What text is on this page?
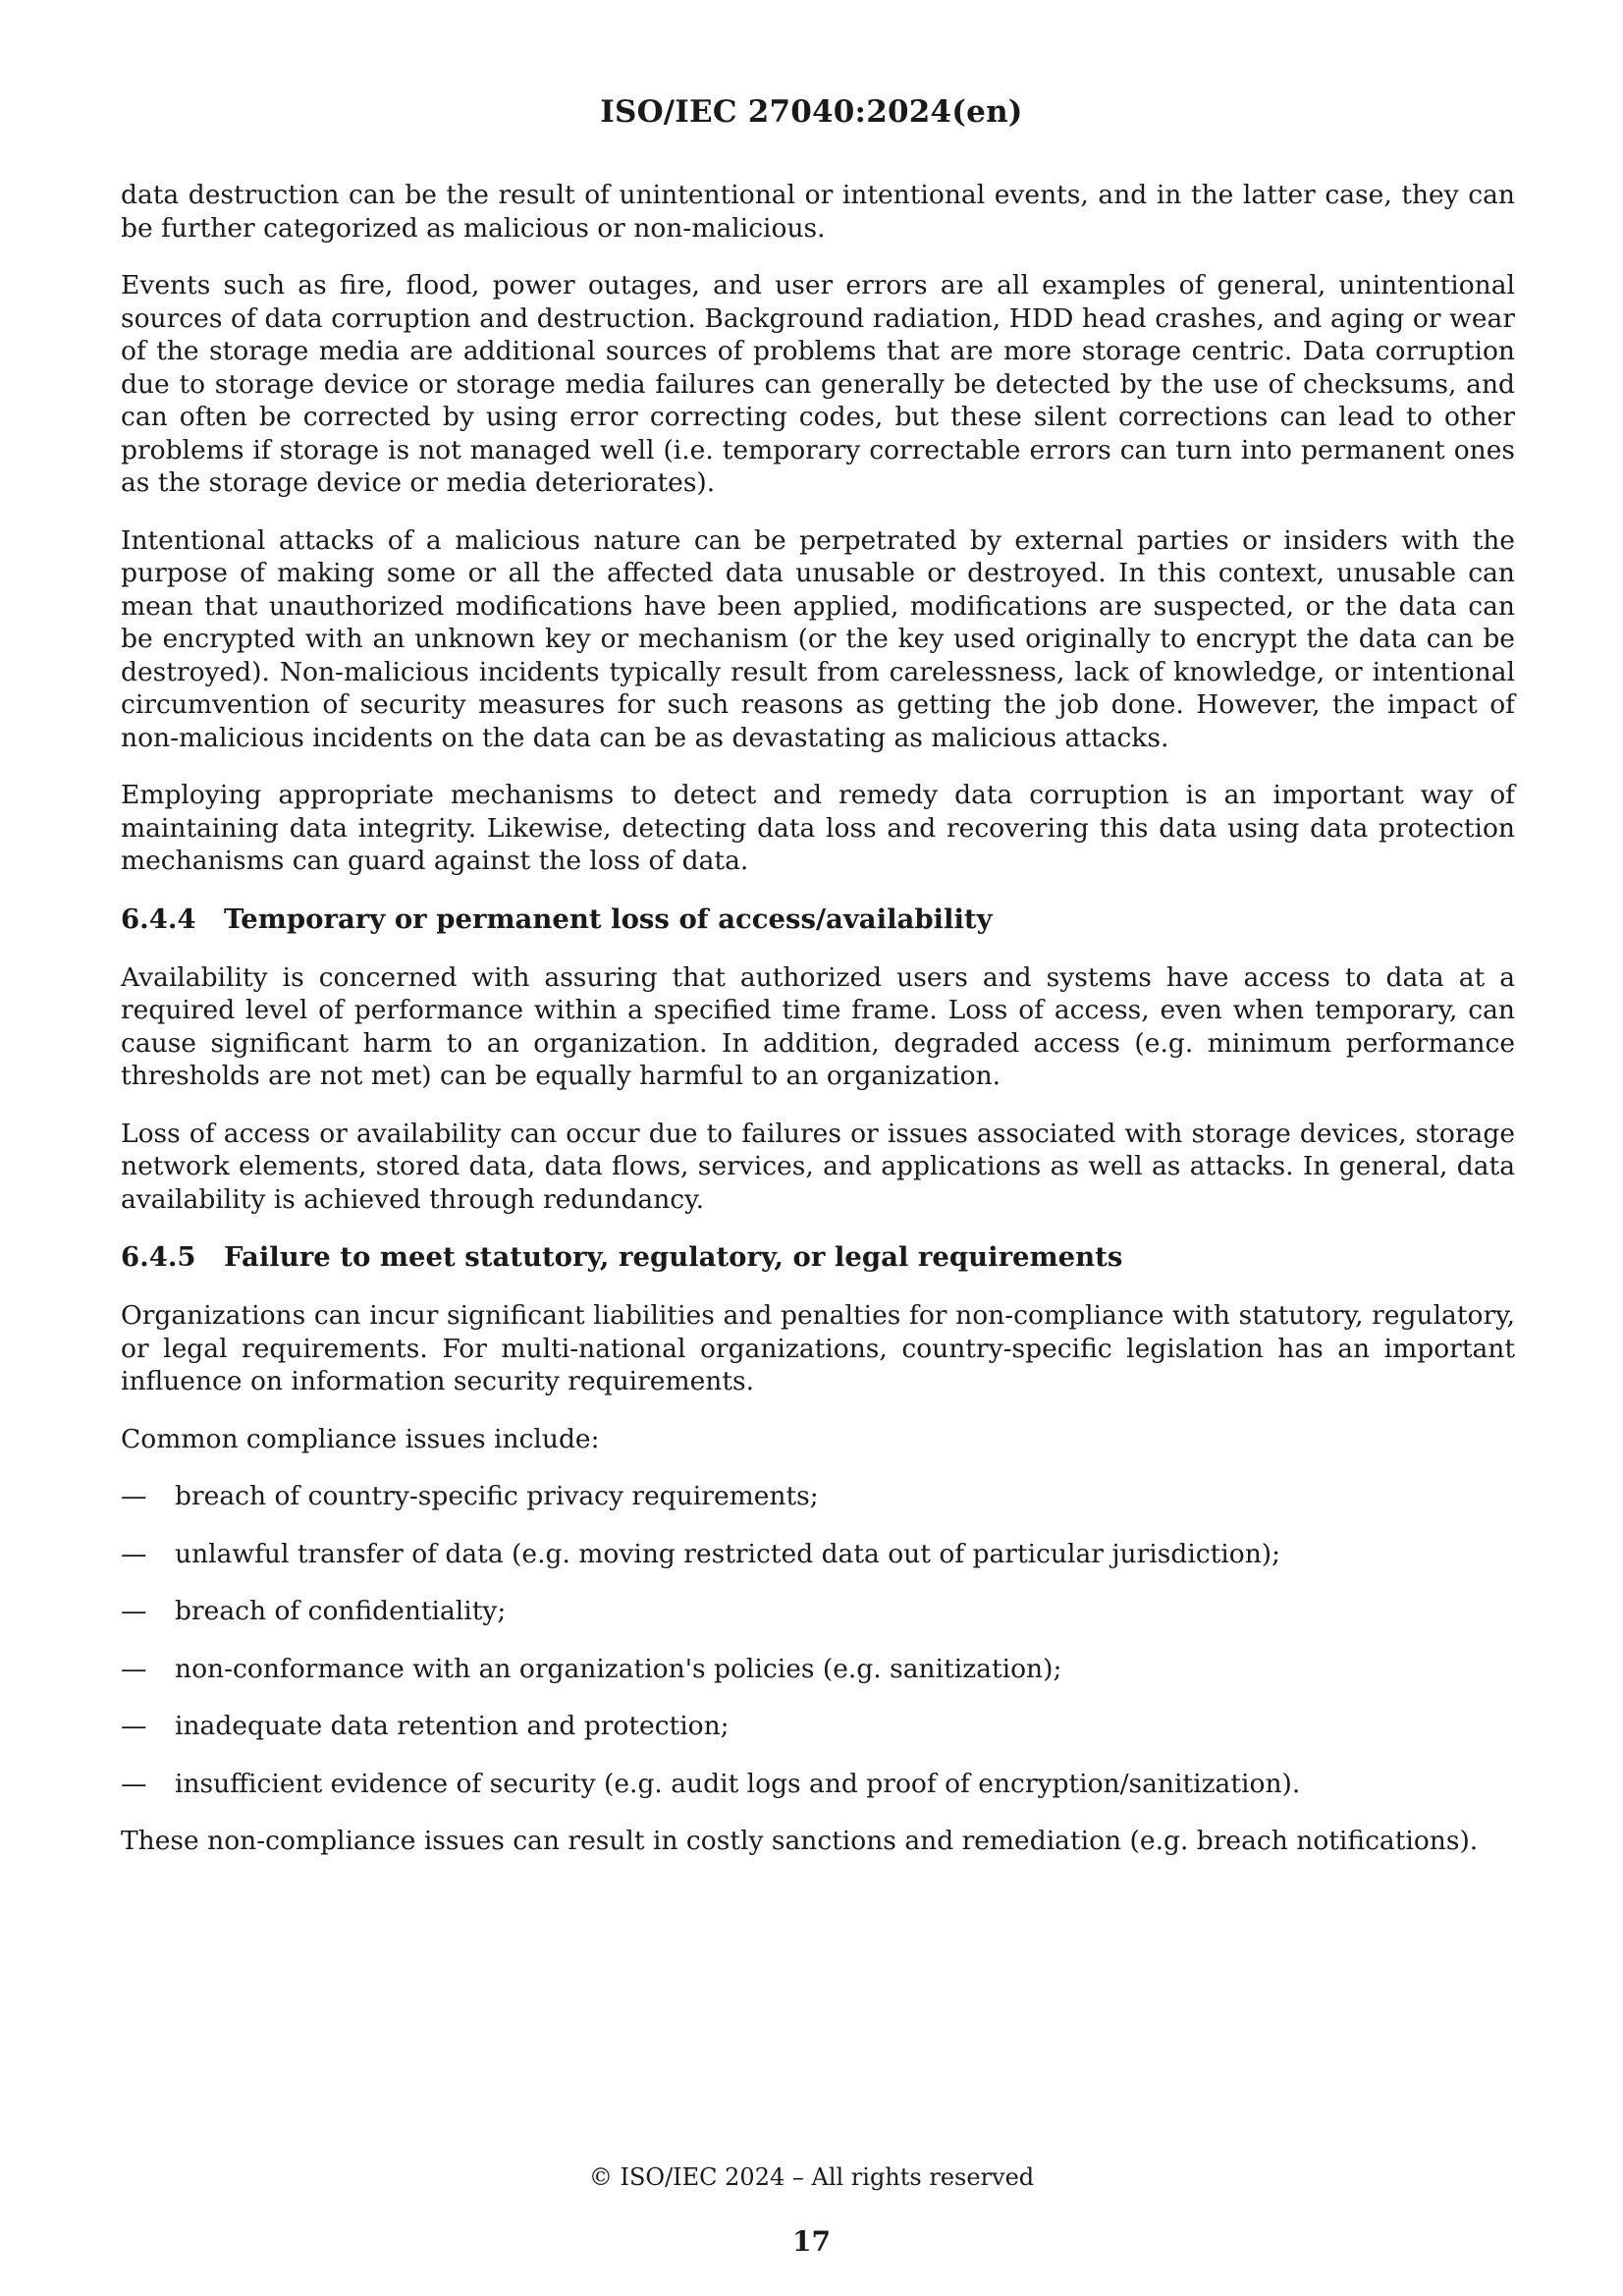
ISO/IEC 27040:2024(en)

data destruction can be the result of unintentional or intentional events, and in the latter case, they can be further categorized as malicious or non-malicious.

Events such as fire, flood, power outages, and user errors are all examples of general, unintentional sources of data corruption and destruction. Background radiation, HDD head crashes, and aging or wear of the storage media are additional sources of problems that are more storage centric. Data corruption due to storage device or storage media failures can generally be detected by the use of checksums, and can often be corrected by using error correcting codes, but these silent corrections can lead to other problems if storage is not managed well (i.e. temporary correctable errors can turn into permanent ones as the storage device or media deteriorates).

Intentional attacks of a malicious nature can be perpetrated by external parties or insiders with the purpose of making some or all the affected data unusable or destroyed. In this context, unusable can mean that unauthorized modifications have been applied, modifications are suspected, or the data can be encrypted with an unknown key or mechanism (or the key used originally to encrypt the data can be destroyed). Non-malicious incidents typically result from carelessness, lack of knowledge, or intentional circumvention of security measures for such reasons as getting the job done. However, the impact of non-malicious incidents on the data can be as devastating as malicious attacks.

Employing appropriate mechanisms to detect and remedy data corruption is an important way of maintaining data integrity. Likewise, detecting data loss and recovering this data using data protection mechanisms can guard against the loss of data.

6.4.4	Temporary or permanent loss of access/availability

Availability is concerned with assuring that authorized users and systems have access to data at a required level of performance within a specified time frame. Loss of access, even when temporary, can cause significant harm to an organization. In addition, degraded access (e.g. minimum performance thresholds are not met) can be equally harmful to an organization.

Loss of access or availability can occur due to failures or issues associated with storage devices, storage network elements, stored data, data flows, services, and applications as well as attacks. In general, data availability is achieved through redundancy.

6.4.5	Failure to meet statutory, regulatory, or legal requirements

Organizations can incur significant liabilities and penalties for non-compliance with statutory, regulatory, or legal requirements. For multi-national organizations, country-specific legislation has an important influence on information security requirements.

Common compliance issues include:

—	breach of country-specific privacy requirements;
—	unlawful transfer of data (e.g. moving restricted data out of particular jurisdiction);
—	breach of confidentiality;
—	non-conformance with an organization's policies (e.g. sanitization);
—	inadequate data retention and protection;
—	insufficient evidence of security (e.g. audit logs and proof of encryption/sanitization).

These non-compliance issues can result in costly sanctions and remediation (e.g. breach notifications).

© ISO/IEC 2024 – All rights reserved
17
